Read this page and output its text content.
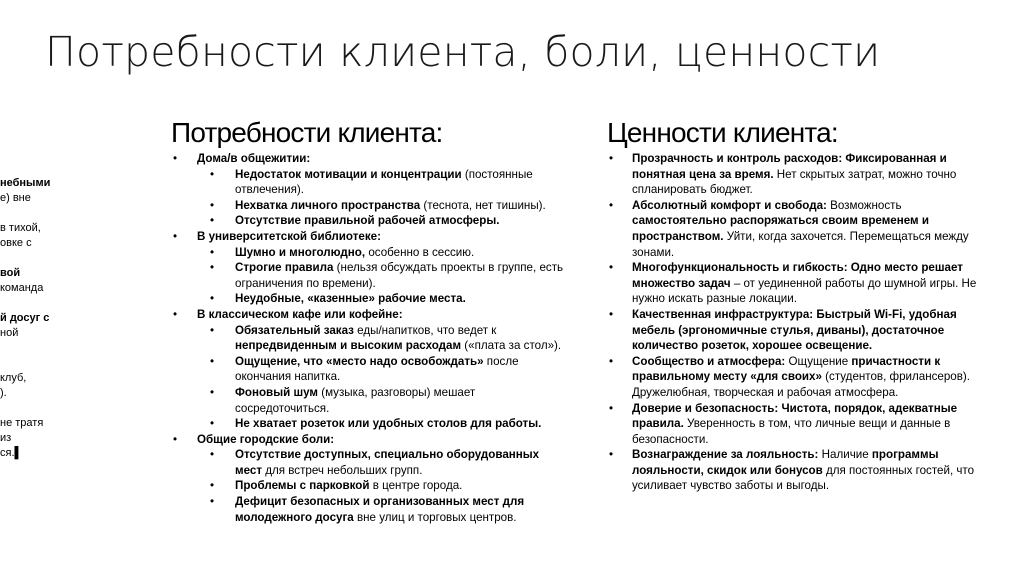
Потребности клиента, боли, ценности
небными
е) вне
в тихой,
овке с
вой
команда
й досуг с
ной
клуб,
).
не тратя
из
ся.▌
Потребности клиента:
• Дома/в общежитии:
• Недостаток мотивации и концентрации (постоянные отвлечения).
• Нехватка личного пространства (теснота, нет тишины).
• Отсутствие правильной рабочей атмосферы.
• В университетской библиотеке:
• Шумно и многолюдно, особенно в сессию.
• Строгие правила (нельзя обсуждать проекты в группе, есть ограничения по времени).
• Неудобные, «казенные» рабочие места.
• В классическом кафе или кофейне:
• Обязательный заказ еды/напитков, что ведет к непредвиденным и высоким расходам («плата за стол»).
• Ощущение, что «место надо освобождать» после окончания напитка.
• Фоновый шум (музыка, разговоры) мешает сосредоточиться.
• Не хватает розеток или удобных столов для работы.
• Общие городские боли:
• Отсутствие доступных, специально оборудованных мест для встреч небольших групп.
• Проблемы с парковкой в центре города.
• Дефицит безопасных и организованных мест для молодежного досуга вне улиц и торговых центров.
Ценности клиента:
• Прозрачность и контроль расходов: Фиксированная и понятная цена за время. Нет скрытых затрат, можно точно спланировать бюджет.
• Абсолютный комфорт и свобода: Возможность самостоятельно распоряжаться своим временем и пространством. Уйти, когда захочется. Перемещаться между зонами.
• Многофункциональность и гибкость: Одно место решает множество задач – от уединенной работы до шумной игры. Не нужно искать разные локации.
• Качественная инфраструктура: Быстрый Wi-Fi, удобная мебель (эргономичные стулья, диваны), достаточное количество розеток, хорошее освещение.
• Сообщество и атмосфера: Ощущение причастности к правильному месту «для своих» (студентов, фрилансеров). Дружелюбная, творческая и рабочая атмосфера.
• Доверие и безопасность: Чистота, порядок, адекватные правила. Уверенность в том, что личные вещи и данные в безопасности.
• Вознаграждение за лояльность: Наличие программы лояльности, скидок или бонусов для постоянных гостей, что усиливает чувство заботы и выгоды.
